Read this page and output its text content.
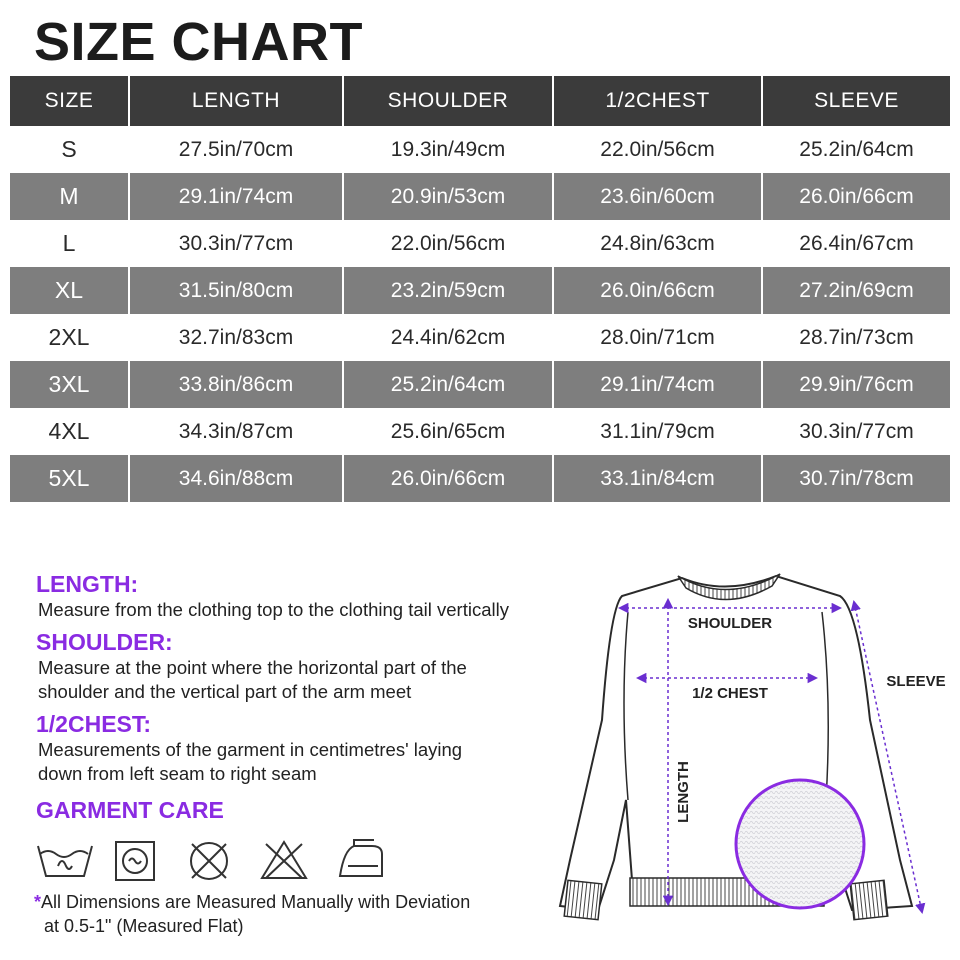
SIZE CHART
SIZE	LENGTH	SHOULDER	1/2CHEST	SLEEVE
S	27.5in/70cm	19.3in/49cm	22.0in/56cm	25.2in/64cm
M	29.1in/74cm	20.9in/53cm	23.6in/60cm	26.0in/66cm
L	30.3in/77cm	22.0in/56cm	24.8in/63cm	26.4in/67cm
XL	31.5in/80cm	23.2in/59cm	26.0in/66cm	27.2in/69cm
2XL	32.7in/83cm	24.4in/62cm	28.0in/71cm	28.7in/73cm
3XL	33.8in/86cm	25.2in/64cm	29.1in/74cm	29.9in/76cm
4XL	34.3in/87cm	25.6in/65cm	31.1in/79cm	30.3in/77cm
5XL	34.6in/88cm	26.0in/66cm	33.1in/84cm	30.7in/78cm

LENGTH:

Measure from the clothing top to the clothing tail vertically

SHOULDER:

Measure at the point where the horizontal part of the

shoulder and the vertical part of the arm meet

1/2CHEST:

Measurements of the garment in centimetres' laying

down from left seam to right seam

GARMENT CARE

*All Dimensions are Measured Manually with Deviation
at 0.5-1" (Measured Flat)
SHOULDER
1/2 CHEST
LENGTH
SLEEVE
